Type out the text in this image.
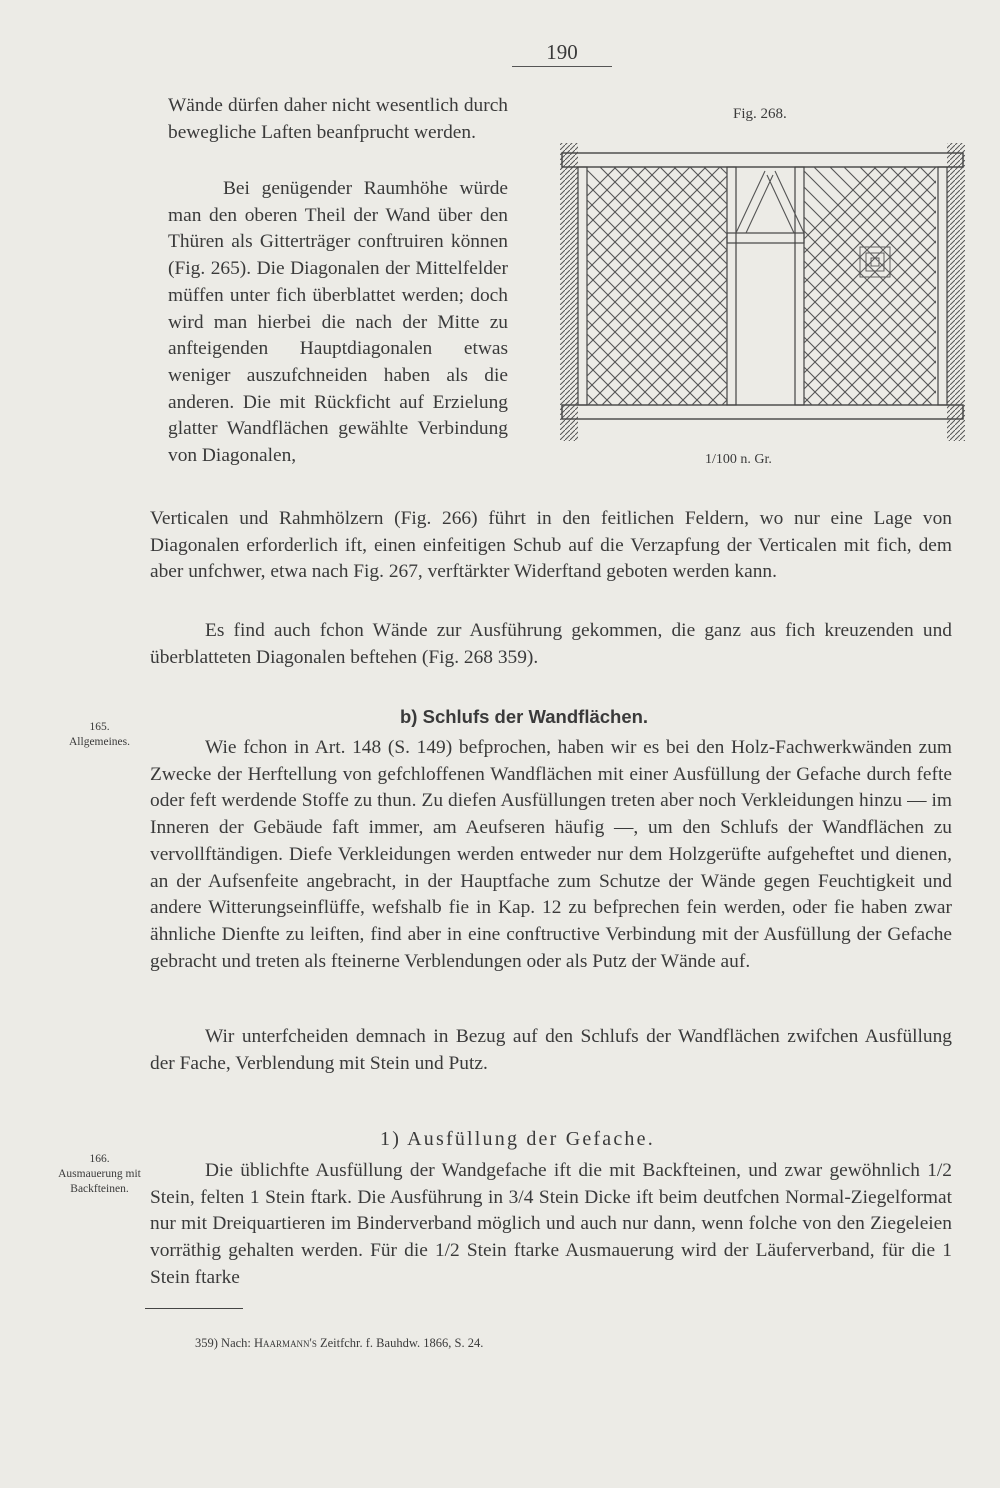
190
Fig. 268.
1/100 n. Gr.

Wände dürfen daher nicht wesentlich durch bewegliche Laften beanfprucht werden.

Bei genügender Raumhöhe würde man den oberen Theil der Wand über den Thüren als Gitterträger conftruiren können (Fig. 265). Die Diagonalen der Mittelfelder müffen unter fich überblattet werden; doch wird man hierbei die nach der Mitte zu anfteigenden Hauptdiagonalen etwas weniger auszufchneiden haben als die anderen. Die mit Rückficht auf Erzielung glatter Wandflächen gewählte Verbindung von Diagonalen,

Verticalen und Rahmhölzern (Fig. 266) führt in den feitlichen Feldern, wo nur eine Lage von Diagonalen erforderlich ift, einen einfeitigen Schub auf die Verzapfung der Verticalen mit fich, dem aber unfchwer, etwa nach Fig. 267, verftärkter Widerftand geboten werden kann.

Es find auch fchon Wände zur Ausführung gekommen, die ganz aus fich kreuzenden und überblatteten Diagonalen beftehen (Fig. 268 359).

b) Schlufs der Wandflächen.
165.
Allgemeines.	Wie fchon in Art. 148 (S. 149) befprochen, haben wir es bei den Holz-Fachwerkwänden zum Zwecke der Herftellung von gefchloffenen Wandflächen mit einer Ausfüllung der Gefache durch fefte oder feft werdende Stoffe zu thun. Zu diefen Ausfüllungen treten aber noch Verkleidungen hinzu — im Inneren der Gebäude faft immer, am Aeufseren häufig —, um den Schlufs der Wandflächen zu vervollftändigen. Diefe Verkleidungen werden entweder nur dem Holzgerüfte aufgeheftet und dienen, an der Aufsenfeite angebracht, in der Hauptfache zum Schutze der Wände gegen Feuchtigkeit und andere Witterungseinflüffe, wefshalb fie in Kap. 12 zu befprechen fein werden, oder fie haben zwar ähnliche Dienfte zu leiften, find aber in eine conftructive Verbindung mit der Ausfüllung der Gefache gebracht und treten als fteinerne Verblendungen oder als Putz der Wände auf.

Wir unterfcheiden demnach in Bezug auf den Schlufs der Wandflächen zwifchen Ausfüllung der Fache, Verblendung mit Stein und Putz.

1) Ausfüllung der Gefache.
166.
Ausmauerung mit Backfteinen.

Die üblichfte Ausfüllung der Wandgefache ift die mit Backfteinen, und zwar gewöhnlich 1/2 Stein, felten 1 Stein ftark. Die Ausführung in 3/4 Stein Dicke ift beim deutfchen Normal-Ziegelformat nur mit Dreiquartieren im Binderverband möglich und auch nur dann, wenn folche von den Ziegeleien vorräthig gehalten werden. Für die 1/2 Stein ftarke Ausmauerung wird der Läuferverband, für die 1 Stein ftarke

359) Nach: Haarmann's Zeitfchr. f. Bauhdw. 1866, S. 24.
